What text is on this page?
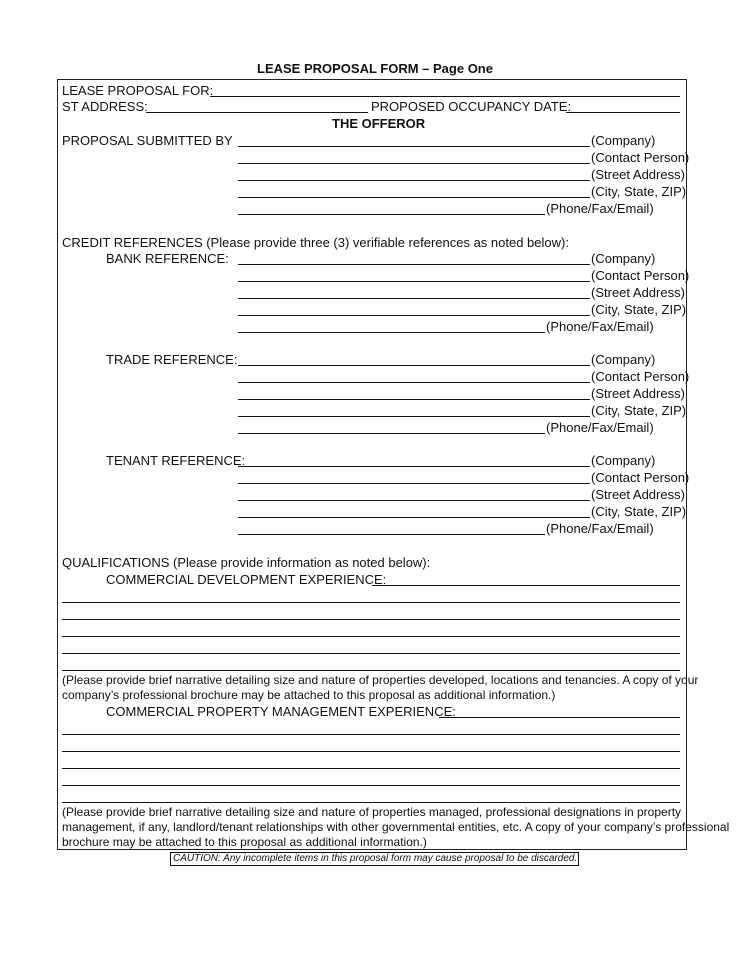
LEASE PROPOSAL FORM – Page One
LEASE PROPOSAL FOR:
ST ADDRESS:	PROPOSED OCCUPANCY DATE:
THE OFFEROR
PROPOSAL SUBMITTED BY	(Company)
(Contact Person)
(Street Address)
(City, State, ZIP)
(Phone/Fax/Email)
CREDIT REFERENCES (Please provide three (3) verifiable references as noted below):
BANK REFERENCE:	(Company)
(Contact Person)
(Street Address)
(City, State, ZIP)
(Phone/Fax/Email)
TRADE REFERENCE:	(Company)
(Contact Person)
(Street Address)
(City, State, ZIP)
(Phone/Fax/Email)
TENANT REFERENCE:	(Company)
(Contact Person)
(Street Address)
(City, State, ZIP)
(Phone/Fax/Email)
QUALIFICATIONS (Please provide information as noted below):
COMMERCIAL DEVELOPMENT EXPERIENCE:
(Please provide brief narrative detailing size and nature of properties developed, locations and tenancies. A copy of your
company’s professional brochure may be attached to this proposal as additional information.)
COMMERCIAL PROPERTY MANAGEMENT EXPERIENCE:
(Please provide brief narrative detailing size and nature of properties managed, professional designations in property
management, if any, landlord/tenant relationships with other governmental entities, etc. A copy of your company’s professional
brochure may be attached to this proposal as additional information.)
CAUTION: Any incomplete items in this proposal form may cause proposal to be discarded.
